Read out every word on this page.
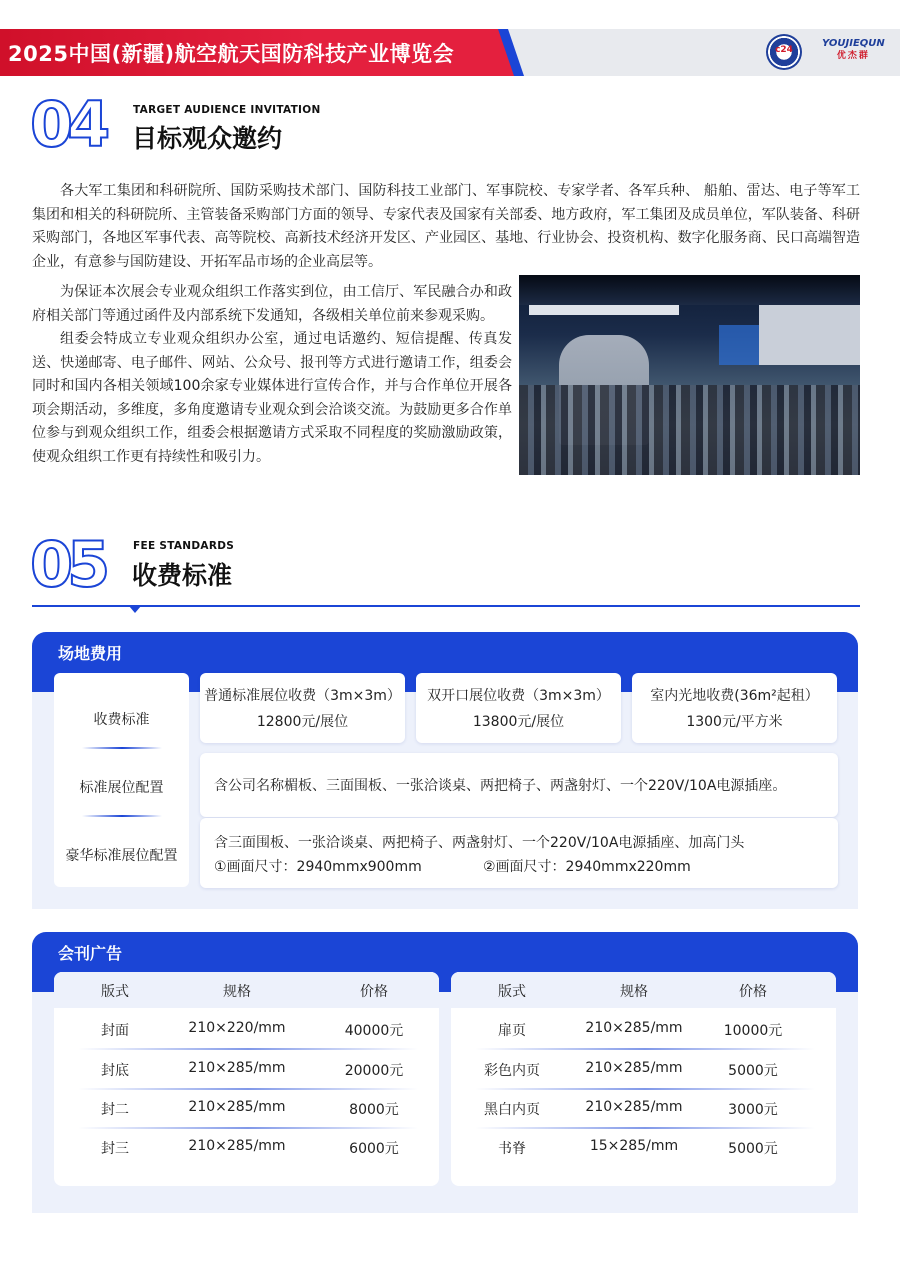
2025中国(新疆)航空航天国防科技产业博览会	c24
YOUJIEQUN
优杰群
04	TARGET AUDIENCE INVITATION
目标观众邀约

各大军工集团和科研院所、国防采购技术部门、国防科技工业部门、军事院校、专家学者、各军兵种、 船舶、雷达、电子等军工集团和相关的科研院所、主管装备采购部门方面的领导、专家代表及国家有关部委、地方政府，军工集团及成员单位，军队装备、科研采购部门，各地区军事代表、高等院校、高新技术经济开发区、产业园区、基地、行业协会、投资机构、数字化服务商、民口高端智造企业，有意参与国防建设、开拓军品市场的企业高层等。

为保证本次展会专业观众组织工作落实到位，由工信厅、军民融合办和政府相关部门等通过函件及内部系统下发通知，各级相关单位前来参观采购。

组委会特成立专业观众组织办公室，通过电话邀约、短信提醒、传真发送、快递邮寄、电子邮件、网站、公众号、报刊等方式进行邀请工作，组委会同时和国内各相关领域100余家专业媒体进行宣传合作，并与合作单位开展各项会期活动，多维度，多角度邀请专业观众到会洽谈交流。为鼓励更多合作单位参与到观众组织工作，组委会根据邀请方式采取不同程度的奖励激励政策，使观众组织工作更有持续性和吸引力。

05	FEE STANDARDS
收费标准
场地费用
收费标准
标准展位配置
豪华标准展位配置
普通标准展位收费（3m×3m）
12800元/展位
双开口展位收费（3m×3m）
13800元/展位
室内光地收费(36m²起租）
1300元/平方米
含公司名称楣板、三面围板、一张洽谈桌、两把椅子、两盏射灯、一个220V/10A电源插座。
含三面围板、一张洽谈桌、两把椅子、两盏射灯、一个220V/10A电源插座、加高门头
①画面尺寸：2940mmx900mm	②画面尺寸：2940mmx220mm
会刊广告
版式	规格	价格
封面	210×220/mm	40000元
封底	210×285/mm	20000元
封二	210×285/mm	8000元
封三	210×285/mm	6000元
版式	规格	价格
扉页	210×285/mm	10000元
彩色内页	210×285/mm	5000元
黑白内页	210×285/mm	3000元
书脊	15×285/mm	5000元
